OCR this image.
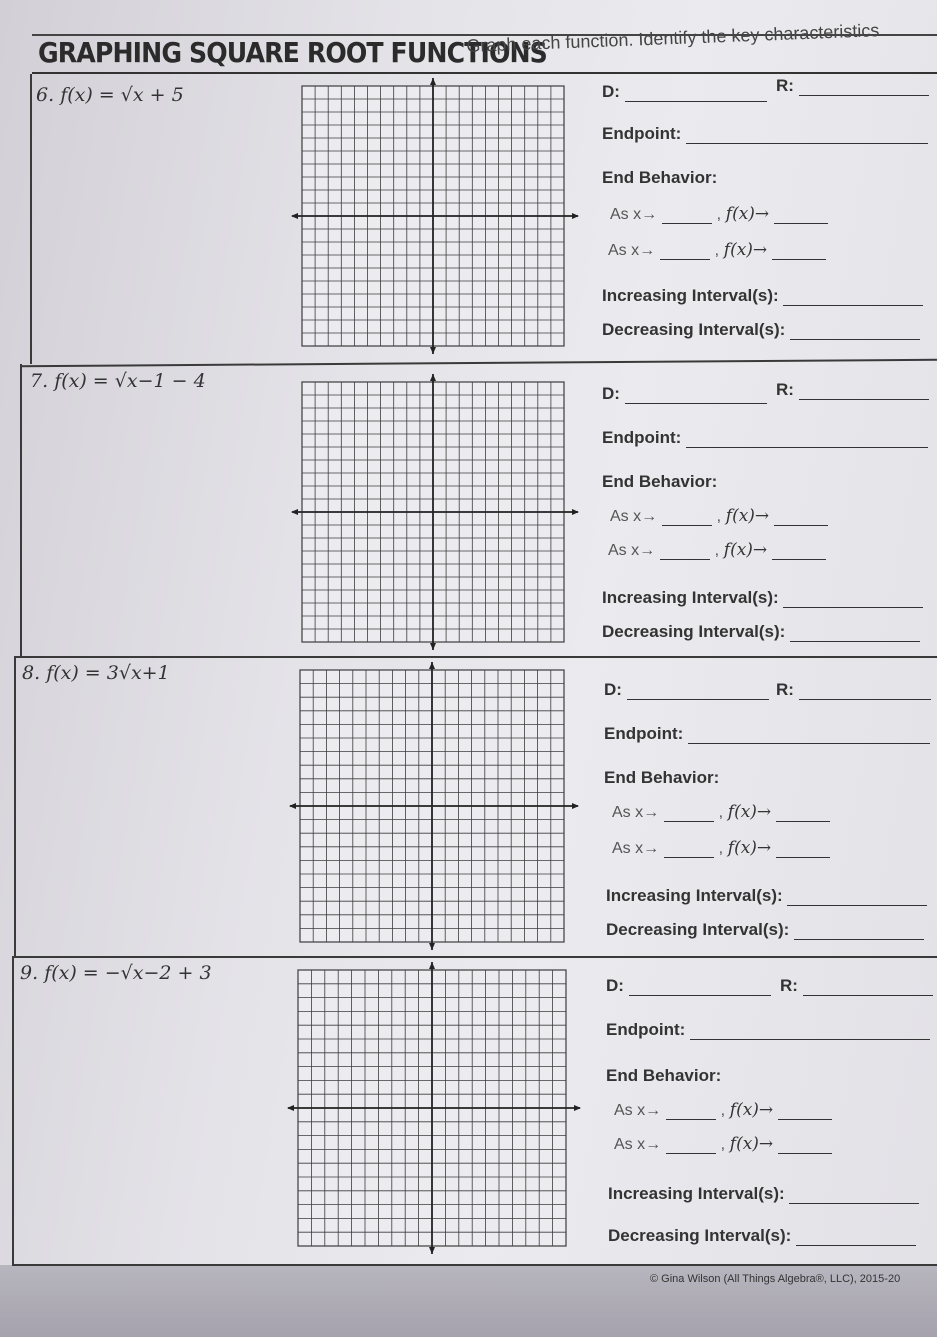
GRAPHING SQUARE ROOT FUNCTIONS
Graph each function. Identify the key characteristics.
6. f(x) = √x + 5
7. f(x) = √x−1 − 4
8. f(x) = 3√x+1
9. f(x) = −√x−2 + 3
D:	R:
Endpoint:
End Behavior:
As x→	, f(x)→
As x→	, f(x)→
Increasing Interval(s):
Decreasing Interval(s):
D:	R:
Endpoint:
End Behavior:
As x→	, f(x)→
As x→	, f(x)→
Increasing Interval(s):
Decreasing Interval(s):
D:	R:
Endpoint:
End Behavior:
As x→	, f(x)→
As x→	, f(x)→
Increasing Interval(s):
Decreasing Interval(s):
D:	R:
Endpoint:
End Behavior:
As x→	, f(x)→
As x→	, f(x)→
Increasing Interval(s):
Decreasing Interval(s):
© Gina Wilson (All Things Algebra®, LLC), 2015-20
